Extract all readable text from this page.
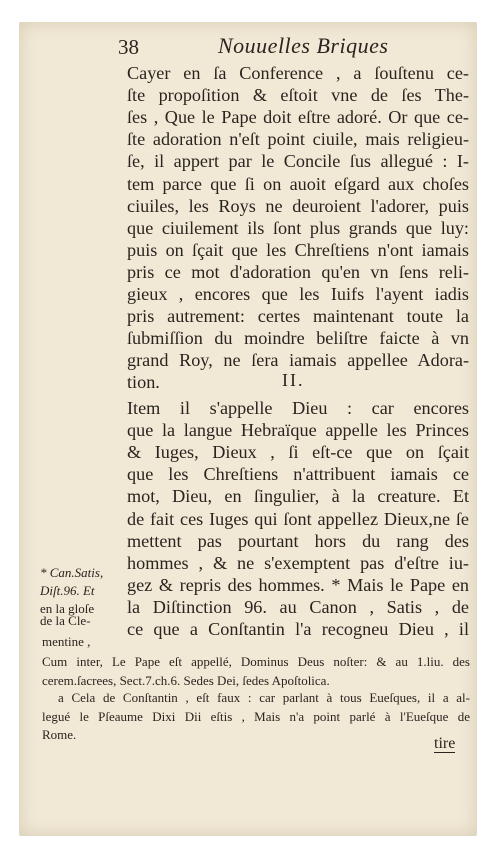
38	Nouuelles Briques
Cayer en ſa Conference , a ſouſtenu ce-
ſte propoſition & eſtoit vne de ſes The-
ſes , Que le Pape doit eſtre adoré. Or que ce-
ſte adoration n'eſt point ciuile, mais religieu-
ſe, il appert par le Concile ſus allegué : I-
tem parce que ſi on auoit eſgard aux choſes
ciuiles, les Roys ne deuroient l'adorer, puis
que ciuilement ils ſont plus grands que luy:
puis on ſçait que les Chreſtiens n'ont iamais
pris ce mot d'adoration qu'en vn ſens reli-
gieux , encores que les Iuifs l'ayent iadis
pris autrement: certes maintenant toute la
ſubmiſſion du moindre beliſtre faicte à vn
grand Roy, ne ſera iamais appellee Adora-
tion.	II.
Item il s'appelle Dieu : car encores
que la langue Hebraïque appelle les Princes
& Iuges, Dieux , ſi eſt-ce que on ſçait
que les Chreſtiens n'attribuent iamais ce
mot, Dieu, en ſingulier, à la creature. Et
de fait ces Iuges qui ſont appellez Dieux,ne ſe
mettent pas pourtant hors du rang des
hommes , & ne s'exemptent pas d'eſtre iu-
gez & repris des hommes. * Mais le Pape en
la Diſtinction 96. au Canon , Satis , de
ce que a Conſtantin l'a recogneu Dieu , il
* Can.Satis,
Diſt.96. Et
en la gloſe
de la Cle-
mentine ,
Cum inter, Le Pape eſt appellé, Dominus Deus noſter: & au 1.liu. des
cerem.ſacrees, Sect.7.ch.6. Sedes Dei, ſedes Apoſtolica.
a Cela de Conſtantin , eſt faux : car parlant à tous Eueſques, il a al-
legué le Pſeaume Dixi Dii eſtis , Mais n'a point parlé à l'Eueſque de
Rome.
tire
